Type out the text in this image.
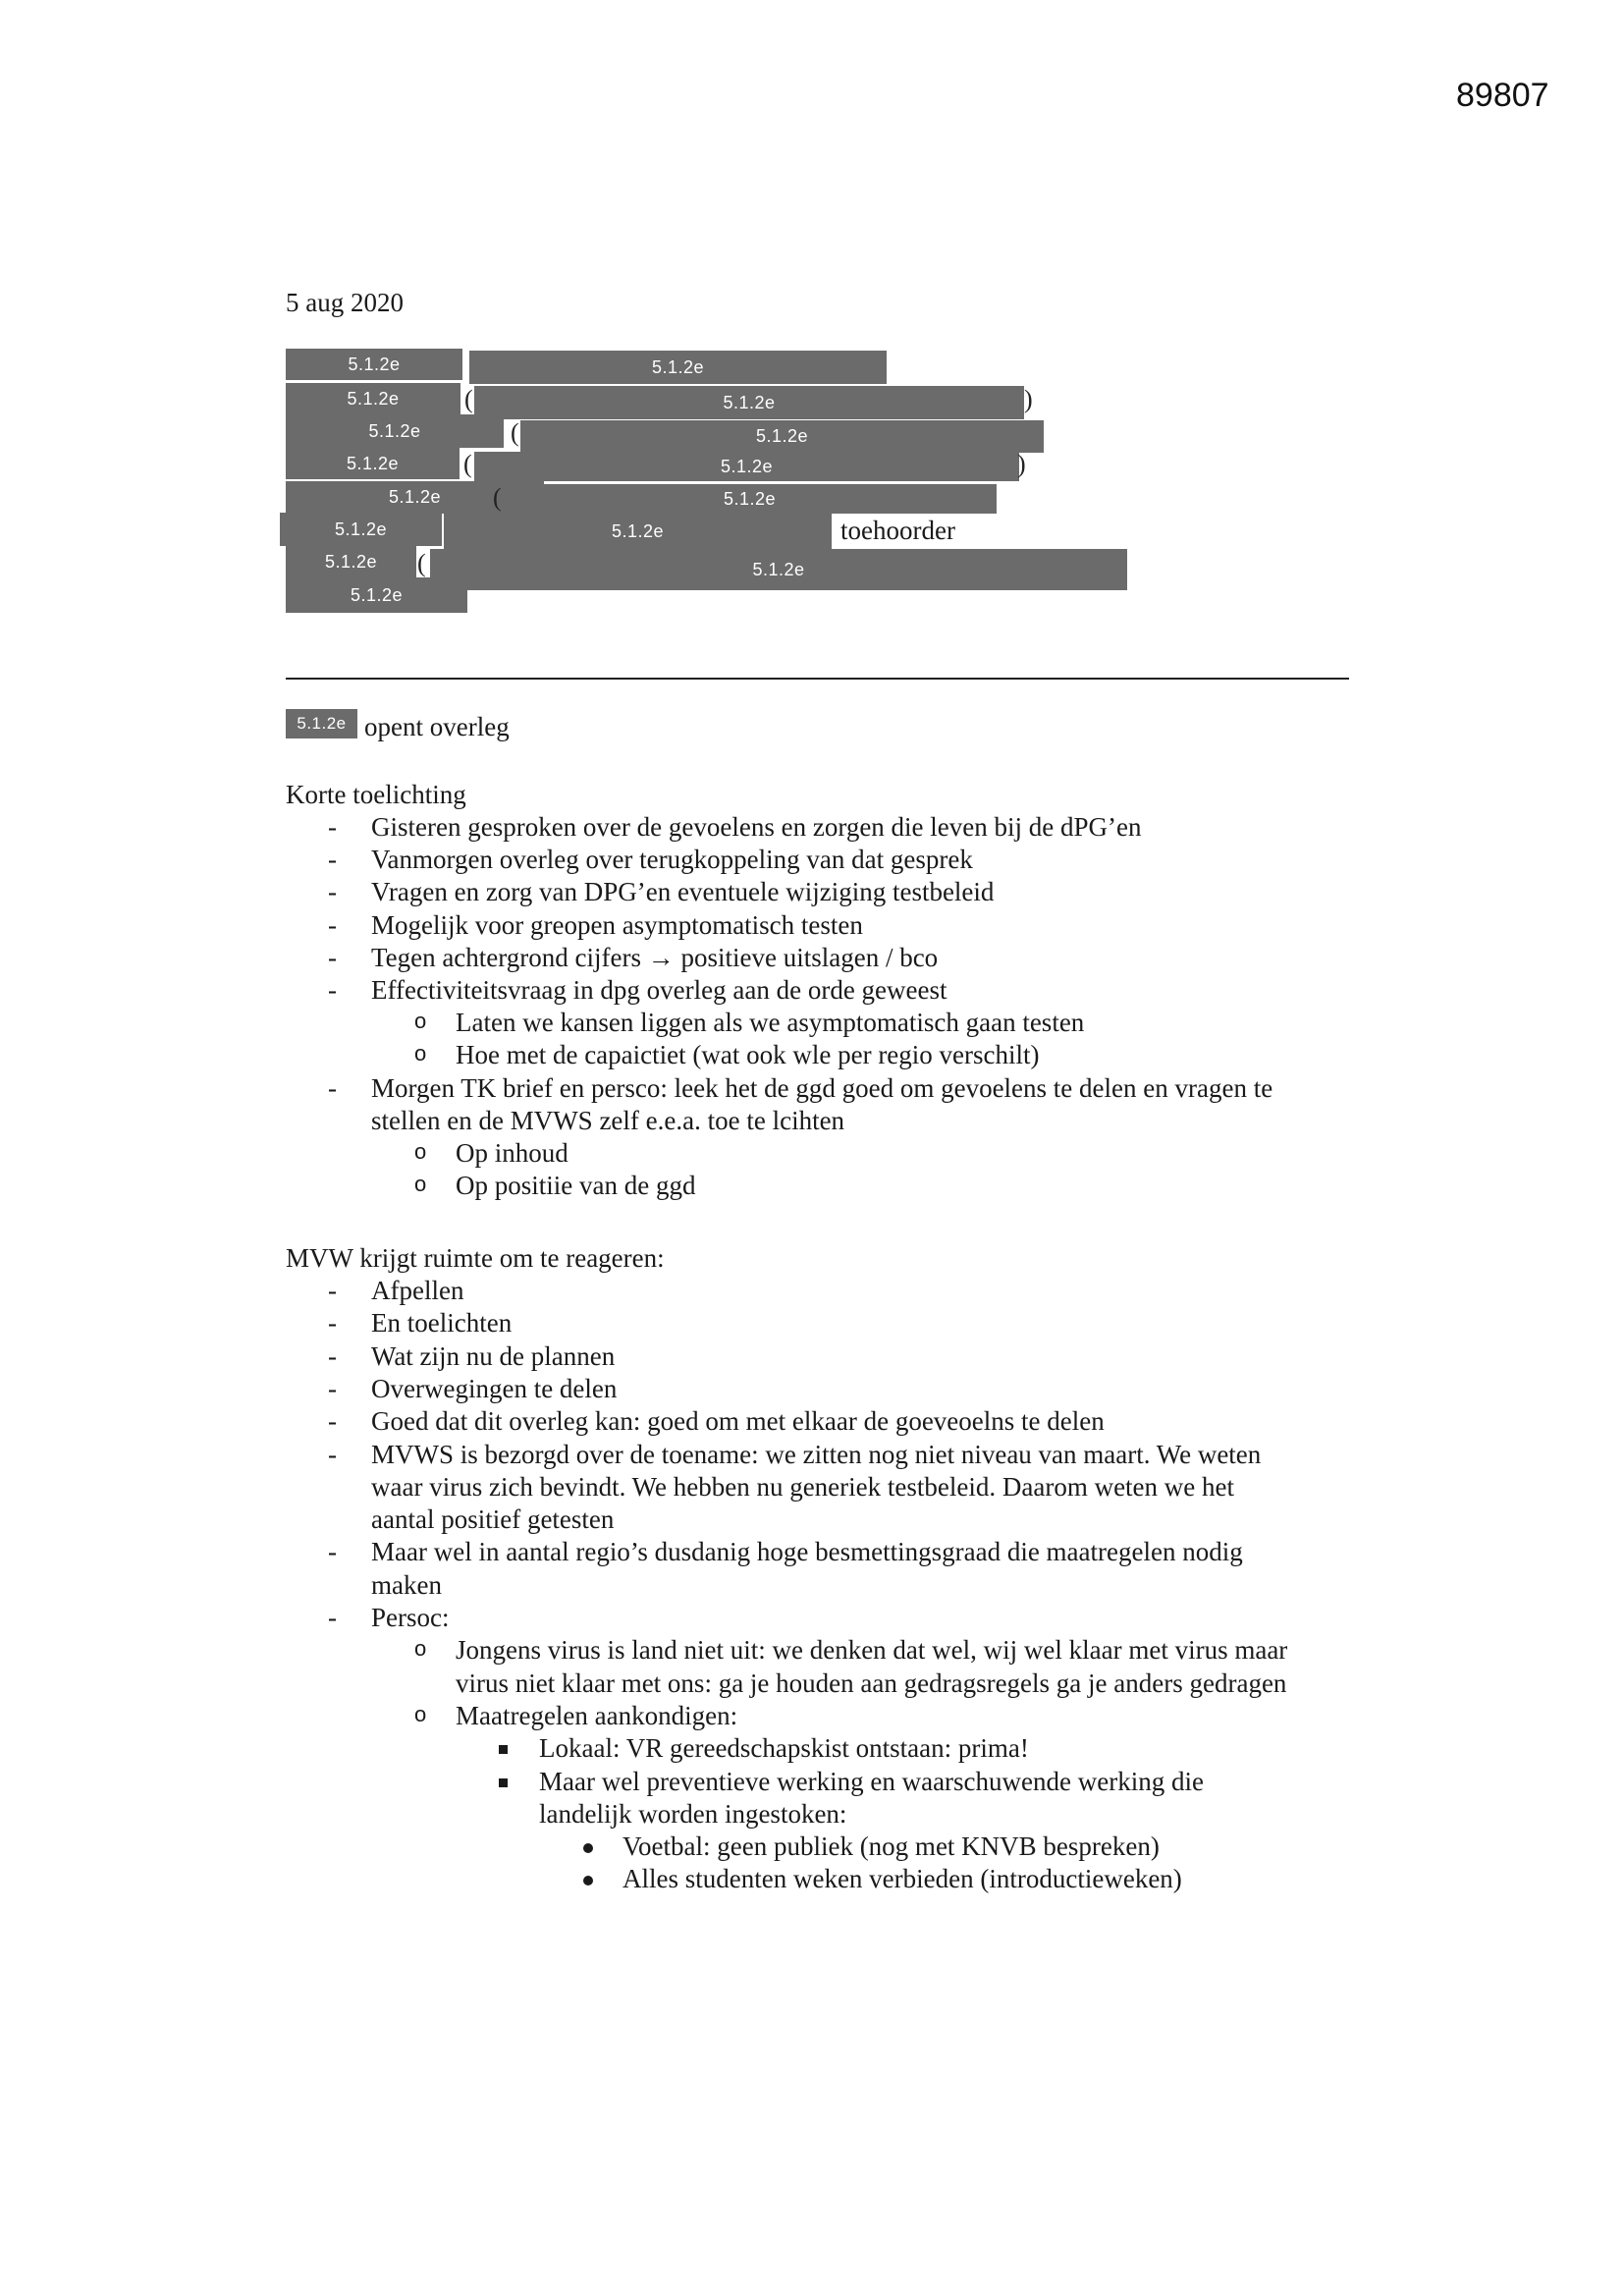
89807
5 aug 2020
5.1.2e	5.1.2e
5.1.2e	(	5.1.2e	)
5.1.2e	(	5.1.2e
5.1.2e	(	5.1.2e	)
5.1.2e	(	5.1.2e
5.1.2e	5.1.2e	toehoorder
5.1.2e	(	5.1.2e
5.1.2e
5.1.2e opent overleg
Korte toelichting
- Gisteren gesproken over de gevoelens en zorgen die leven bij de dPG’en
- Vanmorgen overleg over terugkoppeling van dat gesprek
- Vragen en zorg van DPG’en eventuele wijziging testbeleid
- Mogelijk voor greopen asymptomatisch testen
- Tegen achtergrond cijfers → positieve uitslagen / bco
- Effectiviteitsvraag in dpg overleg aan de orde geweest
o Laten we kansen liggen als we asymptomatisch gaan testen
o Hoe met de capaictiet (wat ook wle per regio verschilt)
- Morgen TK brief en persco: leek het de ggd goed om gevoelens te delen en vragen te
stellen en de MVWS zelf e.e.a. toe te lcihten
o Op inhoud
o Op positiie van de ggd
MVW krijgt ruimte om te reageren:
- Afpellen
- En toelichten
- Wat zijn nu de plannen
- Overwegingen te delen
- Goed dat dit overleg kan: goed om met elkaar de goeveoelns te delen
- MVWS is bezorgd over de toename: we zitten nog niet niveau van maart. We weten
waar virus zich bevindt. We hebben nu generiek testbeleid. Daarom weten we het
aantal positief getesten
- Maar wel in aantal regio’s dusdanig hoge besmettingsgraad die maatregelen nodig
maken
- Persoc:
o Jongens virus is land niet uit: we denken dat wel, wij wel klaar met virus maar
virus niet klaar met ons: ga je houden aan gedragsregels ga je anders gedragen
o Maatregelen aankondigen:
Lokaal: VR gereedschapskist ontstaan: prima!
Maar wel preventieve werking en waarschuwende werking die
landelijk worden ingestoken:
Voetbal: geen publiek (nog met KNVB bespreken)
Alles studenten weken verbieden (introductieweken)
